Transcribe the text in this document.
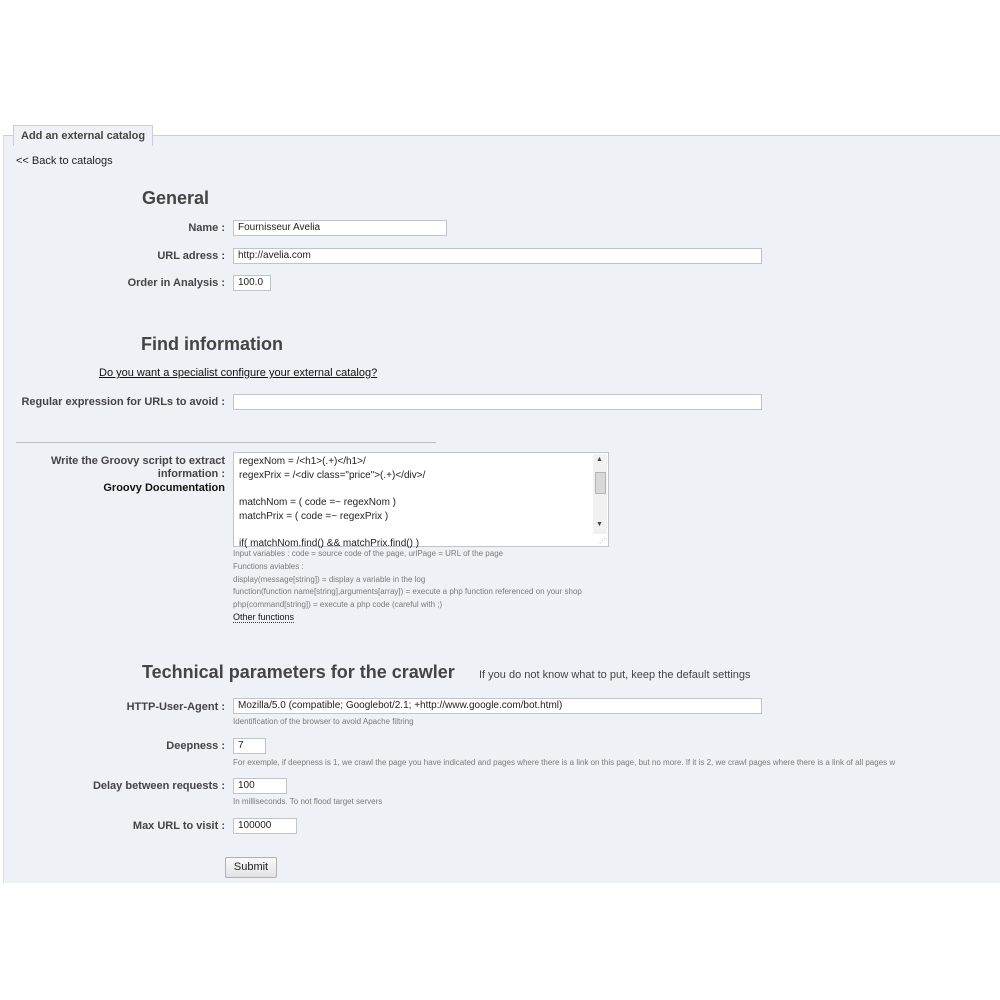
Add an external catalog
<< Back to catalogs
General
Name :	Fournisseur Avelia
URL adress :	http://avelia.com
Order in Analysis :	100.0
Find information
Do you want a specialist configure your external catalog?
Regular expression for URLs to avoid :
Write the Groovy script to extract
information :
Groovy Documentation
regexNom = /<h1>(.+)</h1>/
regexPrix = /<div class="price">(.+)</div>/

matchNom = ( code =~ regexNom )
matchPrix = ( code =~ regexPrix )

if( matchNom.find() && matchPrix.find() )
▲
▼
⋰
Input variables : code = source code of the page, urlPage = URL of the page
Functions aviables :
display(message[string]) = display a variable in the log
function(function name[string],arguments[array]) = execute a php function referenced on your shop
php(command[string]) = execute a php code (careful with ;)
Other functions
Technical parameters for the crawler If you do not know what to put, keep the default settings
HTTP-User-Agent :	Mozilla/5.0 (compatible; Googlebot/2.1; +http://www.google.com/bot.html)
Identification of the browser to avoid Apache filtring
Deepness :	7
For exemple, if deepness is 1, we crawl the page you have indicated and pages where there is a link on this page, but no more. If it is 2, we crawl pages where there is a link of all pages w
Delay between requests :	100
In milliseconds. To not flood target servers
Max URL to visit :	100000
Submit
